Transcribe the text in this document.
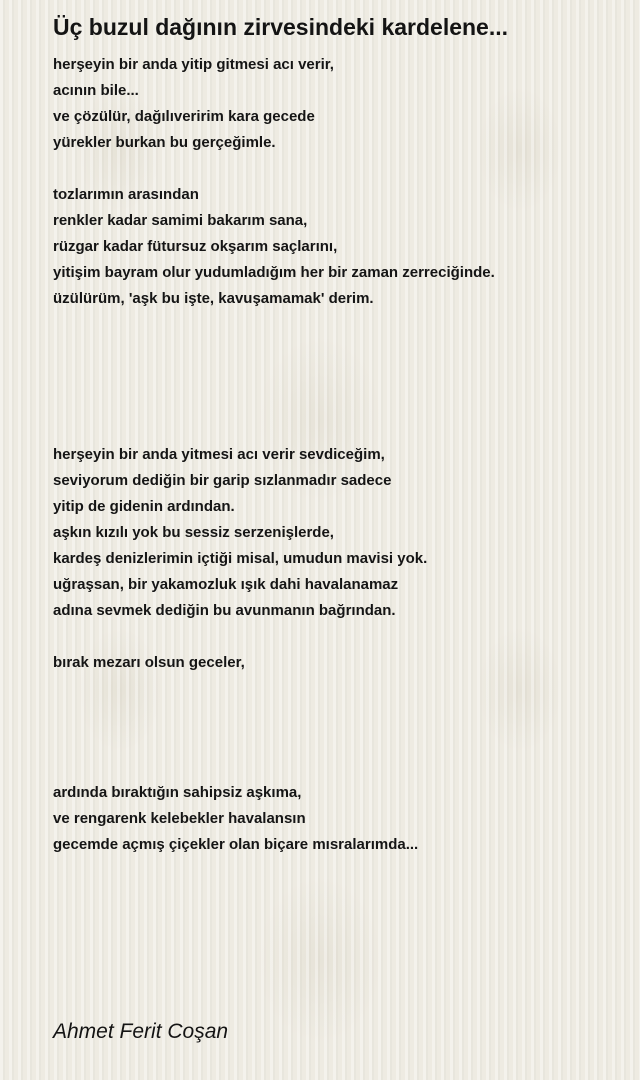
Üç buzul dağının zirvesindeki kardelene...
herşeyin bir anda yitip gitmesi acı verir,
acının bile...
ve çözülür, dağılıveririm kara gecede
yürekler burkan bu gerçeğimle.
tozlarımın arasından
renkler kadar samimi bakarım sana,
rüzgar kadar fütursuz okşarım saçlarını,
yitişim bayram olur yudumladığım her bir zaman zerreciğinde.
üzülürüm, 'aşk bu işte, kavuşamamak' derim.
herşeyin bir anda yitmesi acı verir sevdiceğim,
seviyorum dediğin bir garip sızlanmadır sadece
yitip de gidenin ardından.
aşkın kızılı yok bu sessiz serzenişlerde,
kardeş denizlerimin içtiği misal, umudun mavisi yok.
uğraşsan, bir yakamozluk ışık dahi havalanamaz
adına sevmek dediğin bu avunmanın bağrından.
bırak mezarı olsun geceler,
ardında bıraktığın sahipsiz aşkıma,
ve rengarenk kelebekler havalansın
gecemde açmış çiçekler olan biçare mısralarımda...

Ahmet Ferit Coşan
